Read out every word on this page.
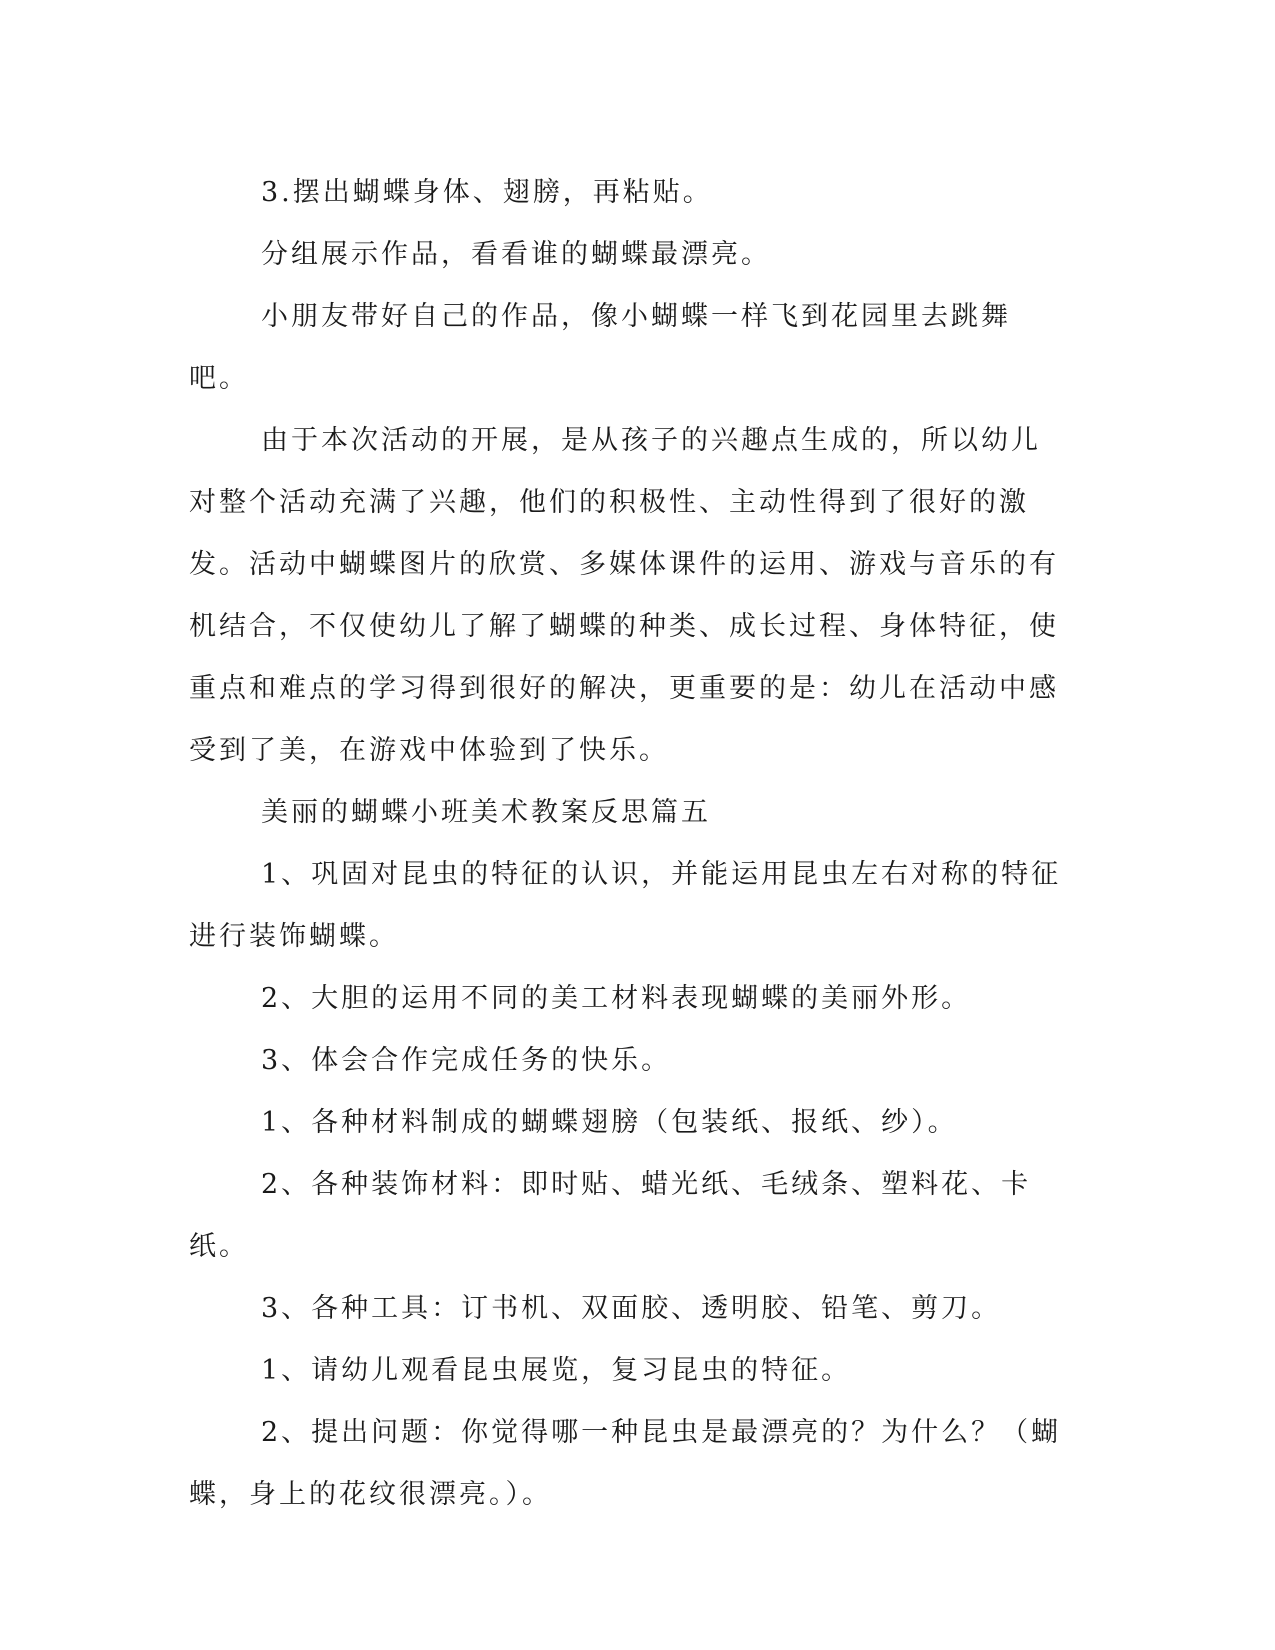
3.摆出蝴蝶身体、翅膀，再粘贴。

分组展示作品，看看谁的蝴蝶最漂亮。

小朋友带好自己的作品，像小蝴蝶一样飞到花园里去跳舞吧。

由于本次活动的开展，是从孩子的兴趣点生成的，所以幼儿对整个活动充满了兴趣，他们的积极性、主动性得到了很好的激发。活动中蝴蝶图片的欣赏、多媒体课件的运用、游戏与音乐的有机结合，不仅使幼儿了解了蝴蝶的种类、成长过程、身体特征，使重点和难点的学习得到很好的解决，更重要的是：幼儿在活动中感受到了美，在游戏中体验到了快乐。

美丽的蝴蝶小班美术教案反思篇五

1、巩固对昆虫的特征的认识，并能运用昆虫左右对称的特征进行装饰蝴蝶。

2、大胆的运用不同的美工材料表现蝴蝶的美丽外形。

3、体会合作完成任务的快乐。

1、各种材料制成的蝴蝶翅膀（包装纸、报纸、纱）。

2、各种装饰材料：即时贴、蜡光纸、毛绒条、塑料花、卡纸。

3、各种工具：订书机、双面胶、透明胶、铅笔、剪刀。

1、请幼儿观看昆虫展览，复习昆虫的特征。

2、提出问题：你觉得哪一种昆虫是最漂亮的？为什么？（蝴蝶，身上的花纹很漂亮。）。
